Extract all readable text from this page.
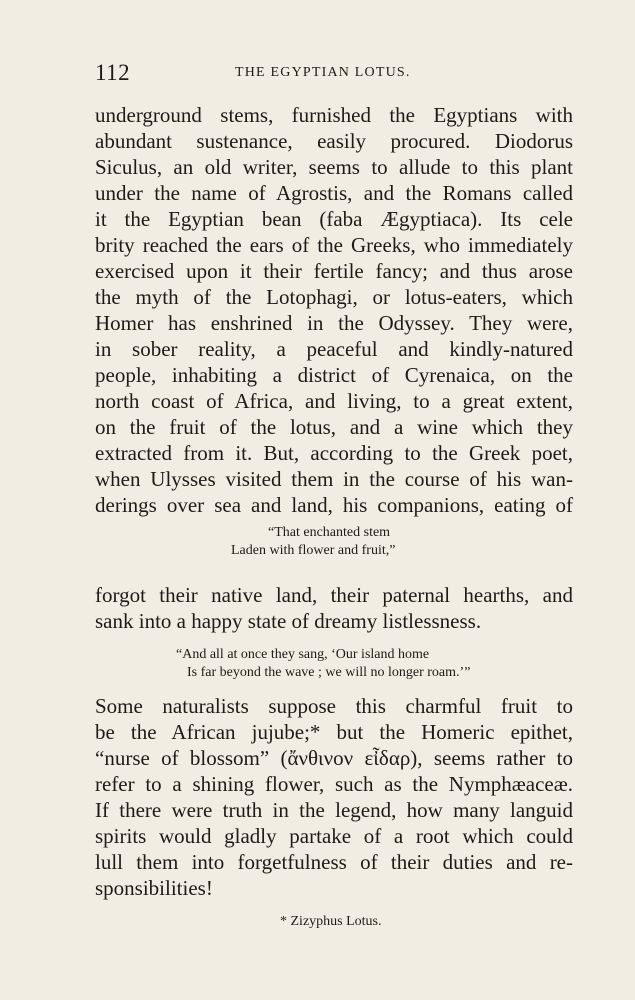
112	THE EGYPTIAN LOTUS.
underground stems, furnished the Egyptians with
abundant sustenance, easily procured. Diodorus
Siculus, an old writer, seems to allude to this plant
under the name of Agrostis, and the Romans called
it the Egyptian bean (faba Ægyptiaca). Its cele
brity reached the ears of the Greeks, who immediately
exercised upon it their fertile fancy; and thus arose
the myth of the Lotophagi, or lotus-eaters, which
Homer has enshrined in the Odyssey. They were,
in sober reality, a peaceful and kindly-natured
people, inhabiting a district of Cyrenaica, on the
north coast of Africa, and living, to a great extent,
on the fruit of the lotus, and a wine which they
extracted from it. But, according to the Greek poet,
when Ulysses visited them in the course of his wan-
derings over sea and land, his companions, eating of
“That enchanted stem
Laden with flower and fruit,”
forgot their native land, their paternal hearths, and
sank into a happy state of dreamy listlessness.
“And all at once they sang, ‘Our island home
Is far beyond the wave ; we will no longer roam.’”
Some naturalists suppose this charmful fruit to
be the African jujube;* but the Homeric epithet,
“nurse of blossom” (ἄνθινον εἶδαρ), seems rather to
refer to a shining flower, such as the Nymphæaceæ.
If there were truth in the legend, how many languid
spirits would gladly partake of a root which could
lull them into forgetfulness of their duties and re-
sponsibilities!
* Zizyphus Lotus.
